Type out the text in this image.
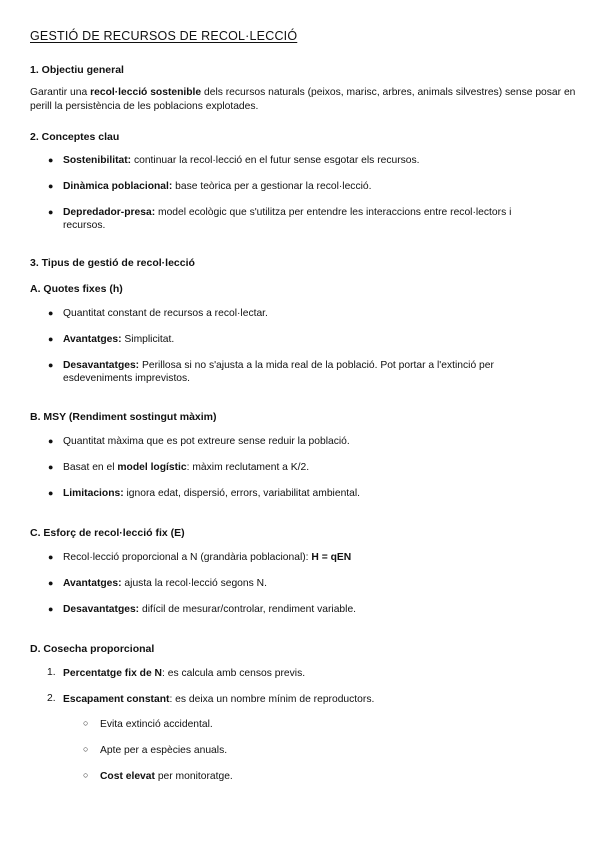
GESTIÓ DE RECURSOS DE RECOL·LECCIÓ
1. Objectiu general
Garantir una recol·lecció sostenible dels recursos naturals (peixos, marisc, arbres, animals silvestres) sense posar en perill la persistència de les poblacions explotades.
2. Conceptes clau
● Sostenibilitat: continuar la recol·lecció en el futur sense esgotar els recursos.
● Dinàmica poblacional: base teòrica per a gestionar la recol·lecció.
● Depredador-presa: model ecològic que s'utilitza per entendre les interaccions entre recol·lectors i recursos.
3. Tipus de gestió de recol·lecció
A. Quotes fixes (h)
● Quantitat constant de recursos a recol·lectar.
● Avantatges: Simplicitat.
● Desavantatges: Perillosa si no s'ajusta a la mida real de la població. Pot portar a l'extinció per esdeveniments imprevistos.
B. MSY (Rendiment sostingut màxim)
● Quantitat màxima que es pot extreure sense reduir la població.
● Basat en el model logístic: màxim reclutament a K/2.
● Limitacions: ignora edat, dispersió, errors, variabilitat ambiental.
C. Esforç de recol·lecció fix (E)
● Recol·lecció proporcional a N (grandària poblacional): H = qEN
● Avantatges: ajusta la recol·lecció segons N.
● Desavantatges: difícil de mesurar/controlar, rendiment variable.
D. Cosecha proporcional
1. Percentatge fix de N: es calcula amb censos previs.
2. Escapament constant: es deixa un nombre mínim de reproductors.
○ Evita extinció accidental.
○ Apte per a espècies anuals.
○ Cost elevat per monitoratge.
